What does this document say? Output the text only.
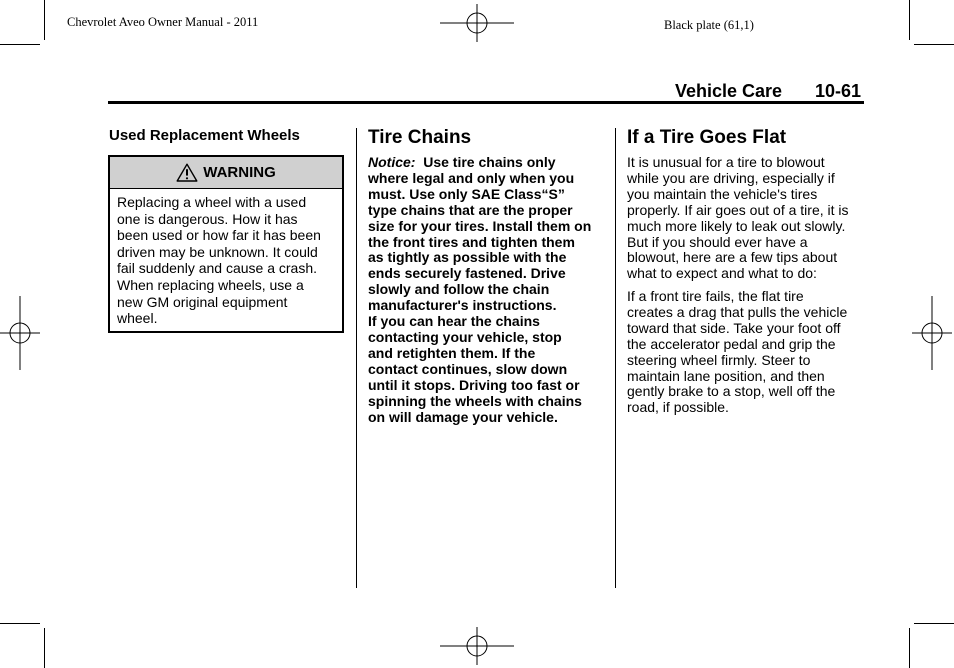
Chevrolet Aveo Owner Manual - 2011	Black plate (61,1)
Vehicle Care 10-61
Used Replacement Wheels
WARNING
Replacing a wheel with a used
one is dangerous. How it has
been used or how far it has been
driven may be unknown. It could
fail suddenly and cause a crash.
When replacing wheels, use a
new GM original equipment
wheel.
Tire Chains
Notice: Use tire chains only
where legal and only when you
must. Use only SAE Class“S”
type chains that are the proper
size for your tires. Install them on
the front tires and tighten them
as tightly as possible with the
ends securely fastened. Drive
slowly and follow the chain
manufacturer's instructions.
If you can hear the chains
contacting your vehicle, stop
and retighten them. If the
contact continues, slow down
until it stops. Driving too fast or
spinning the wheels with chains
on will damage your vehicle.
If a Tire Goes Flat
It is unusual for a tire to blowout
while you are driving, especially if
you maintain the vehicle's tires
properly. If air goes out of a tire, it is
much more likely to leak out slowly.
But if you should ever have a
blowout, here are a few tips about
what to expect and what to do:
If a front tire fails, the flat tire
creates a drag that pulls the vehicle
toward that side. Take your foot off
the accelerator pedal and grip the
steering wheel firmly. Steer to
maintain lane position, and then
gently brake to a stop, well off the
road, if possible.
